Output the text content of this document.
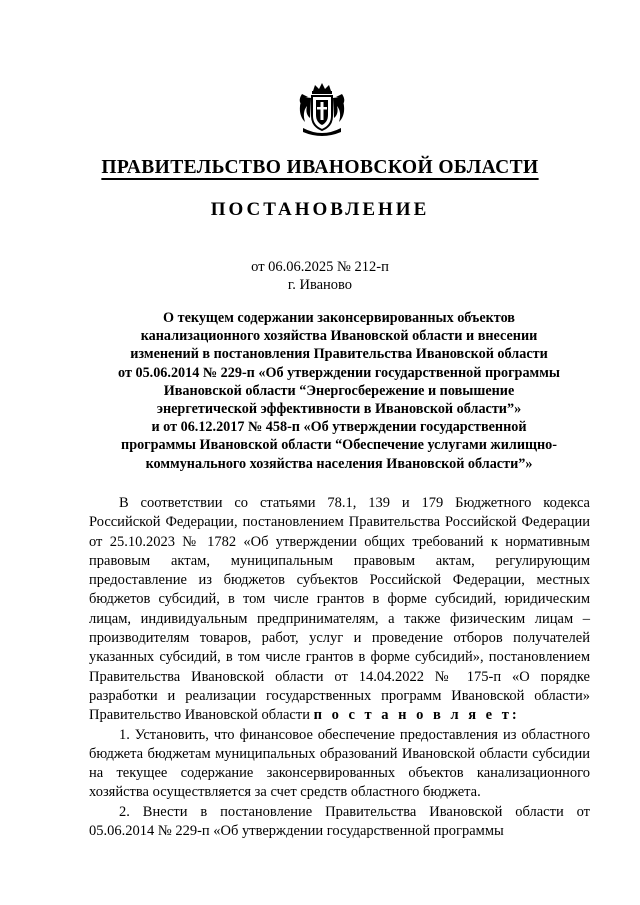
ПРАВИТЕЛЬСТВО ИВАНОВСКОЙ ОБЛАСТИ
ПОСТАНОВЛЕНИЕ
от 06.06.2025 № 212-п
г. Иваново
О текущем содержании законсервированных объектов
канализационного хозяйства Ивановской области и внесении
изменений в постановления Правительства Ивановской области
от 05.06.2014 № 229-п «Об утверждении государственной программы
Ивановской области “Энергосбережение и повышение
энергетической эффективности в Ивановской области”»
и от 06.12.2017 № 458-п «Об утверждении государственной
программы Ивановской области “Обеспечение услугами жилищно-
коммунального хозяйства населения Ивановской области”»

В соответствии со статьями 78.1, 139 и 179 Бюджетного кодекса Российской Федерации, постановлением Правительства Российской Федерации от 25.10.2023 № 1782 «Об утверждении общих требований к нормативным правовым актам, муниципальным правовым актам, регулирующим предоставление из бюджетов субъектов Российской Федерации, местных бюджетов субсидий, в том числе грантов в форме субсидий, юридическим лицам, индивидуальным предпринимателям, а также физическим лицам – производителям товаров, работ, услуг и проведение отборов получателей указанных субсидий, в том числе грантов в форме субсидий», постановлением Правительства Ивановской области от 14.04.2022 № 175-п «О порядке разработки и реализации государственных программ Ивановской области» Правительство Ивановской области п о с т а н о в л я е т:

1. Установить, что финансовое обеспечение предоставления из областного бюджета бюджетам муниципальных образований Ивановской области субсидии на текущее содержание законсервированных объектов канализационного хозяйства осуществляется за счет средств областного бюджета.

2. Внести в постановление Правительства Ивановской области от 05.06.2014 № 229-п «Об утверждении государственной программы
